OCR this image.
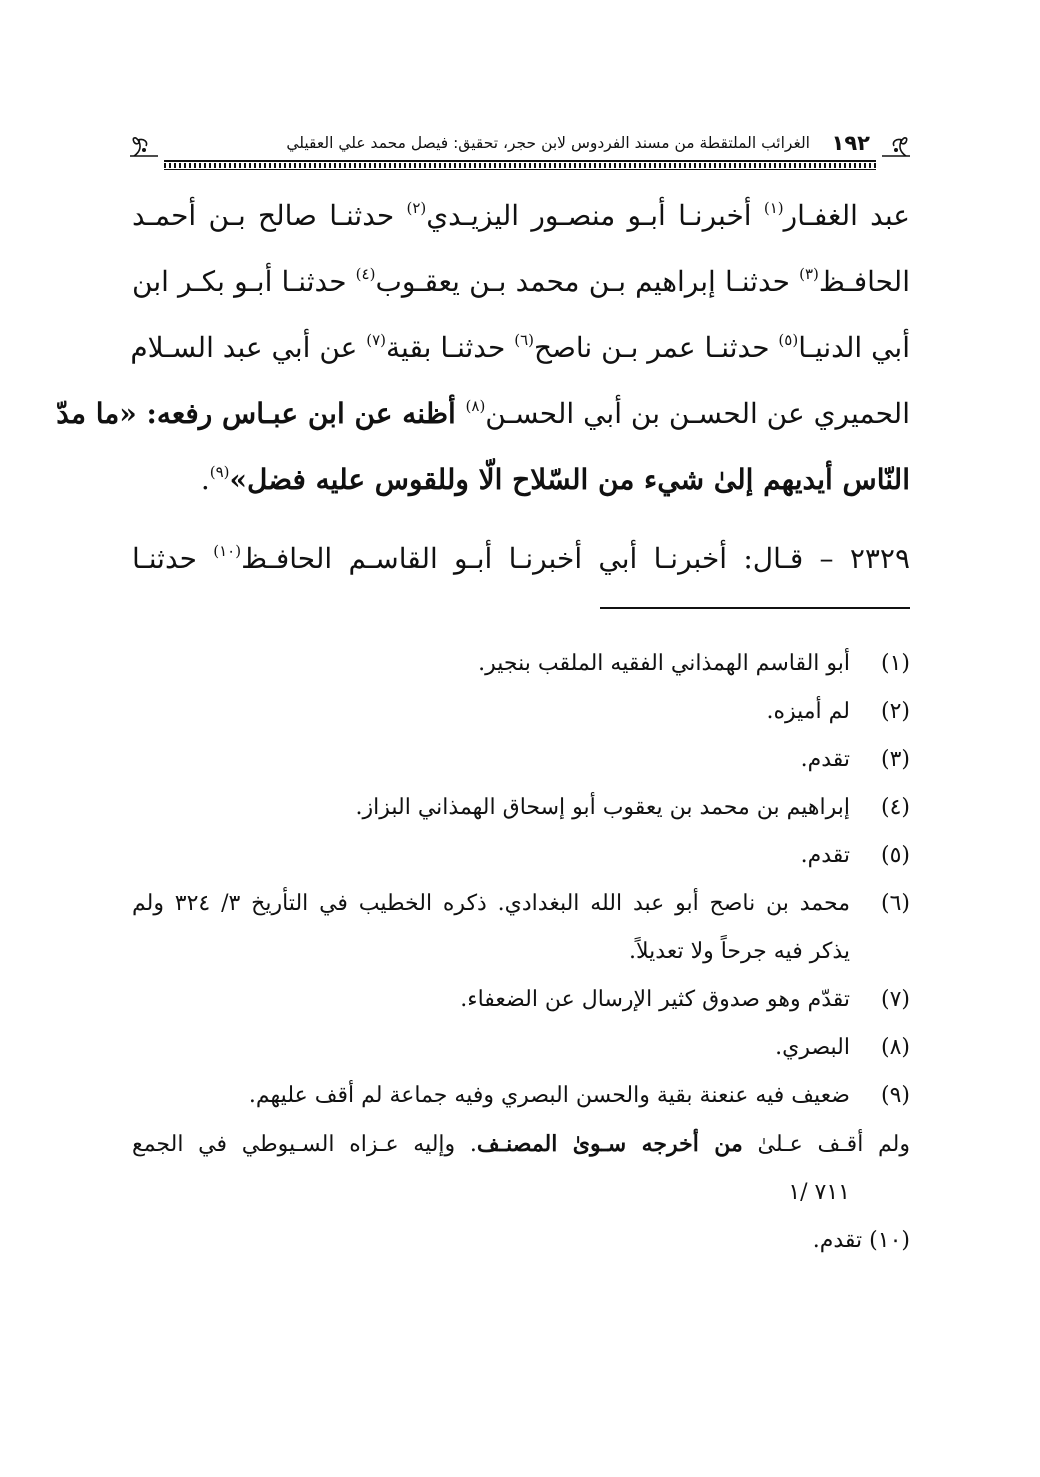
١٩٢
الغرائب الملتقطة من مسند الفردوس لابن حجر، تحقيق: فيصل محمد علي العقيلي
عبد الغفـار$^{(١)}$ أخبرنـا أبـو منصـور اليزيـدي$^{(٢)}$ حدثنـا صالح بـن أحمـد
الحافـظ$^{(٣)}$ حدثنـا إبراهيم بـن محمد بـن يعقـوب$^{(٤)}$ حدثنـا أبـو بكـر ابن
أبي الدنيـا$^{(٥)}$ حدثنـا عمر بـن ناصح$^{(٦)}$ حدثنـا بقية$^{(٧)}$ عن أبي عبد السـلام
الحميري عن الحسـن بن أبي الحسـن$^{(٨)}$ أظنه عن ابن عبـاس رفعه: «ما مدّ
النّاس أيديهم إلىٰ شيء من السّلاح الّا وللقوس عليه فضل»$^{(٩)}$.
٢٣٢٩ – قـال: أخبرنـا أبي أخبرنـا أبـو القاسـم الحافـظ$^{(١٠)}$ حدثنـا
(١)
أبو القاسم الهمذاني الفقيه الملقب بنجير.
(٢)
لم أميزه.
(٣)
تقدم.
(٤)
إبراهيم بن محمد بن يعقوب أبو إسحاق الهمذاني البزاز.
(٥)
تقدم.
(٦)
محمد بن ناصح أبو عبد الله البغدادي. ذكره الخطيب في التأريخ ٣/ ٣٢٤ ولم
يذكر فيه جرحاً ولا تعديلاً.
(٧)
تقدّم وهو صدوق كثير الإرسال عن الضعفاء.
(٨)
البصري.
(٩)
ضعيف فيه عنعنة بقية والحسن البصري وفيه جماعة لم أقف عليهم.
ولم أقـف عـلىٰ من أخرجه سـوىٰ المصنـف. وإليه عـزاه السـيوطي في الجمع
٧١١ /١
(١٠) تقدم.
